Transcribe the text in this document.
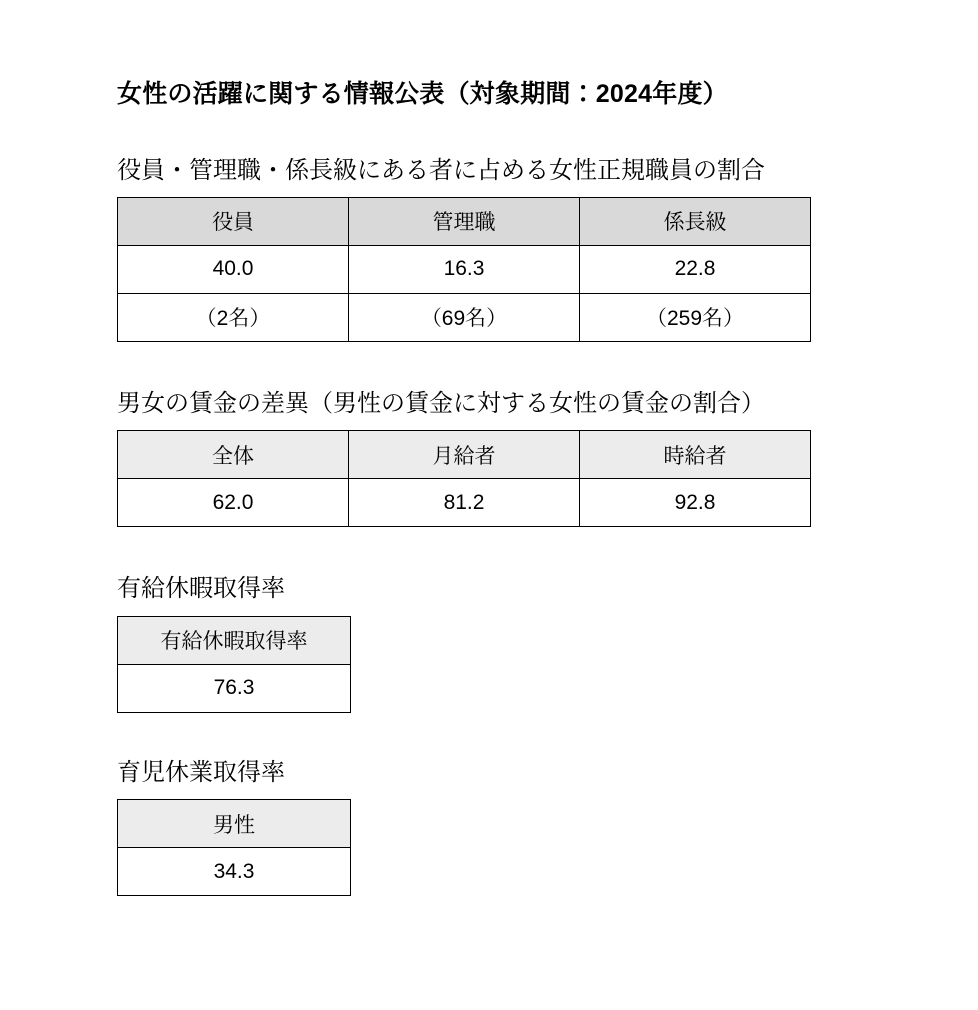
女性の活躍に関する情報公表（対象期間：2024年度）
役員・管理職・係長級にある者に占める女性正規職員の割合
役員	管理職	係長級
40.0	16.3	22.8
（2名）	（69名）	（259名）
男女の賃金の差異（男性の賃金に対する女性の賃金の割合）
全体	月給者	時給者
62.0	81.2	92.8
有給休暇取得率
有給休暇取得率
76.3
育児休業取得率
男性
34.3
